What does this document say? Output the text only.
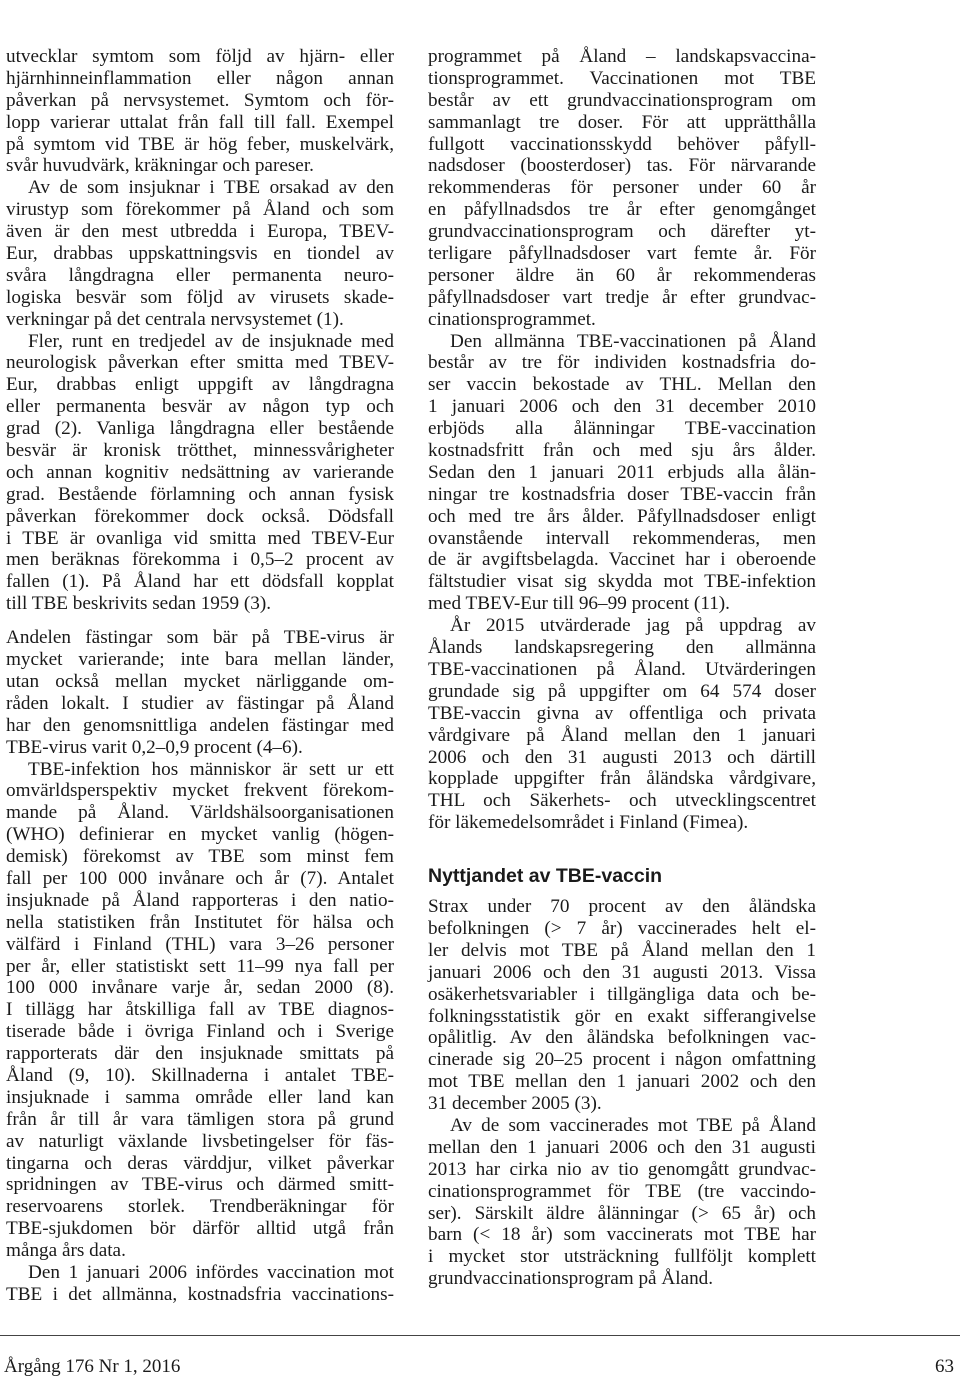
utvecklar symtom som följd av hjärn- eller
hjärnhinneinflammation eller någon annan
påverkan på nervsystemet. Symtom och för-
lopp varierar uttalat från fall till fall. Exempel
på symtom vid TBE är hög feber, muskelvärk,
svår huvudvärk, kräkningar och pareser.
Av de som insjuknar i TBE orsakad av den
virustyp som förekommer på Åland och som
även är den mest utbredda i Europa, TBEV-
Eur, drabbas uppskattningsvis en tiondel av
svåra långdragna eller permanenta neuro-
logiska besvär som följd av virusets skade-
verkningar på det centrala nervsystemet (1).
Fler, runt en tredjedel av de insjuknade med
neurologisk påverkan efter smitta med TBEV-
Eur, drabbas enligt uppgift av långdragna
eller permanenta besvär av någon typ och
grad (2). Vanliga långdragna eller bestående
besvär är kronisk trötthet, minnessvårigheter
och annan kognitiv nedsättning av varierande
grad. Bestående förlamning och annan fysisk
påverkan förekommer dock också. Dödsfall
i TBE är ovanliga vid smitta med TBEV-Eur
men beräknas förekomma i 0,5–2 procent av
fallen (1). På Åland har ett dödsfall kopplat
till TBE beskrivits sedan 1959 (3).
Andelen fästingar som bär på TBE-virus är
mycket varierande; inte bara mellan länder,
utan också mellan mycket närliggande om-
råden lokalt. I studier av fästingar på Åland
har den genomsnittliga andelen fästingar med
TBE-virus varit 0,2–0,9 procent (4–6).
TBE-infektion hos människor är sett ur ett
omvärldsperspektiv mycket frekvent förekom-
mande på Åland. Världshälsoorganisationen
(WHO) definierar en mycket vanlig (högen-
demisk) förekomst av TBE som minst fem
fall per 100 000 invånare och år (7). Antalet
insjuknade på Åland rapporteras i den natio-
nella statistiken från Institutet för hälsa och
välfärd i Finland (THL) vara 3–26 personer
per år, eller statistiskt sett 11–99 nya fall per
100 000 invånare varje år, sedan 2000 (8).
I tillägg har åtskilliga fall av TBE diagnos-
tiserade både i övriga Finland och i Sverige
rapporterats där den insjuknade smittats på
Åland (9, 10). Skillnaderna i antalet TBE-
insjuknade i samma område eller land kan
från år till år vara tämligen stora på grund
av naturligt växlande livsbetingelser för fäs-
tingarna och deras värddjur, vilket påverkar
spridningen av TBE-virus och därmed smitt-
reservoarens storlek. Trendberäkningar för
TBE-sjukdomen bör därför alltid utgå från
många års data.
Den 1 januari 2006 infördes vaccination mot
TBE i det allmänna, kostnadsfria vaccinations-
programmet på Åland – landskapsvaccina-
tionsprogrammet. Vaccinationen mot TBE
består av ett grundvaccinationsprogram om
sammanlagt tre doser. För att upprätthålla
fullgott vaccinationsskydd behöver påfyll-
nadsdoser (boosterdoser) tas. För närvarande
rekommenderas för personer under 60 år
en påfyllnadsdos tre år efter genomgånget
grundvaccinationsprogram och därefter yt-
terligare påfyllnadsdoser vart femte år. För
personer äldre än 60 år rekommenderas
påfyllnadsdoser vart tredje år efter grundvac-
cinationsprogrammet.
Den allmänna TBE-vaccinationen på Åland
består av tre för individen kostnadsfria do-
ser vaccin bekostade av THL. Mellan den
1 januari 2006 och den 31 december 2010
erbjöds alla ålänningar TBE-vaccination
kostnadsfritt från och med sju års ålder.
Sedan den 1 januari 2011 erbjuds alla ålän-
ningar tre kostnadsfria doser TBE-vaccin från
och med tre års ålder. Påfyllnadsdoser enligt
ovanstående intervall rekommenderas, men
de är avgiftsbelagda. Vaccinet har i oberoende
fältstudier visat sig skydda mot TBE-infektion
med TBEV-Eur till 96–99 procent (11).
År 2015 utvärderade jag på uppdrag av
Ålands landskapsregering den allmänna
TBE-vaccinationen på Åland. Utvärderingen
grundade sig på uppgifter om 64 574 doser
TBE-vaccin givna av offentliga och privata
vårdgivare på Åland mellan den 1 januari
2006 och den 31 augusti 2013 och därtill
kopplade uppgifter från åländska vårdgivare,
THL och Säkerhets- och utvecklingscentret
för läkemedelsområdet i Finland (Fimea).
Nyttjandet av TBE-vaccin
Strax under 70 procent av den åländska
befolkningen (> 7 år) vaccinerades helt el-
ler delvis mot TBE på Åland mellan den 1
januari 2006 och den 31 augusti 2013. Vissa
osäkerhetsvariabler i tillgängliga data och be-
folkningsstatistik gör en exakt sifferangivelse
opålitlig. Av den åländska befolkningen vac-
cinerade sig 20–25 procent i någon omfattning
mot TBE mellan den 1 januari 2002 och den
31 december 2005 (3).
Av de som vaccinerades mot TBE på Åland
mellan den 1 januari 2006 och den 31 augusti
2013 har cirka nio av tio genomgått grundvac-
cinationsprogrammet för TBE (tre vaccindo-
ser). Särskilt äldre ålänningar (> 65 år) och
barn (< 18 år) som vaccinerats mot TBE har
i mycket stor utsträckning fullföljt komplett
grundvaccinationsprogram på Åland.
Årgång 176 Nr 1, 2016	63
